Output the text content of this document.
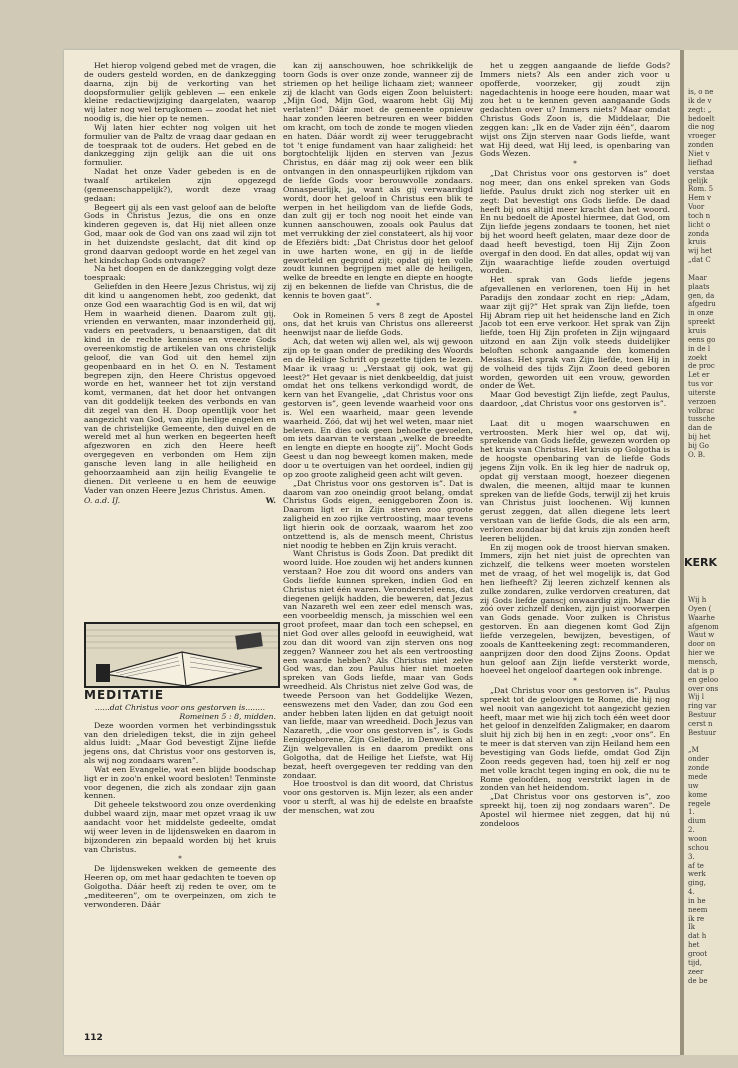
Het hierop volgend gebed met de vragen, die de ouders gesteld worden, en de dankzegging daarna, zijn bij de verkorting van het doopsformulier gelijk gebleven — een enkele kleine redactiewijziging daargelaten, waarop wij later nog wel terugkomen — zoodat het niet noodig is, die hier op te nemen.

Wij laten hier echter nog volgen uit het formulier van de Paltz de vraag daar gedaan en de toespraak tot de ouders. Het gebed en de dankzegging zijn gelijk aan die uit ons formulier.

Nadat het onze Vader gebeden is en de twaalf artikelen zijn opgezegd (gemeenschappelijk?), wordt deze vraag gedaan:

Begeert gij als een vast geloof aan de belofte Gods in Christus Jezus, die ons en onze kinderen gegeven is, dat Hij niet alleen onze God, maar ook de God van ons zaad wil zijn tot in het duizendste geslacht, dat dit kind op grond daarvan gedoopt worde en het zegel van het kindschap Gods ontvange?

Na het doopen en de dankzegging volgt deze toespraak:

Geliefden in den Heere Jezus Christus, wij zij dit kind u aangenomen hebt, zoo gedenkt, dat onze God een waarachtig God is en wil, dat wij Hem in waarheid dienen. Daarom zult gij, vrienden en verwanten, maar inzonderheid gij, vaders en peetvaders, u benaarstigen, dat dit kind in de rechte kennisse en vreeze Gods overeenkomstig de artikelen van ons christelijk geloof, die van God uit den hemel zijn geopenbaard en in het O. en N. Testament begrepen zijn, den Heere Christus opgevoed worde en het, wanneer het tot zijn verstand komt, vermanen, dat het door het ontvangen van dit goddelijk teeken des verbonds en van dit zegel van den H. Doop opentlijk voor het aangezicht van God, van zijn heilige engelen en van de christelijke Gemeente, den duivel en de wereld met al hun werken en begeerten heeft afgezworen en zich den Heere heeft overgegeven en verbonden om Hem zijn gansche leven lang in alle heiligheid en gehoorzaamheid aan zijn heilig Evangelie te dienen. Dit verleene u en hem de eeuwige Vader van onzen Heere Jezus Christus. Amen.

O. a.d. IJ.	W.
MEDITATIE

......dat Christus voor ons gestorven is........

Romeinen 5 : 8, midden.

Deze woorden vormen het verbindingsstuk van den drieledigen tekst, die in zijn geheel aldus luidt: „Maar God bevestigt Zijne liefde jegens ons, dat Christus voor ons gestorven is, als wij nog zondaars waren”.

Wat een Evangelie, wat een blijde boodschap ligt er in zoo'n enkel woord besloten! Tenminste voor degenen, die zich als zondaar zijn gaan kennen.

Dit geheele tekstwoord zou onze overdenking dubbel waard zijn, maar met opzet vraag ik uw aandacht voor het middelste gedeelte, omdat wij weer leven in de lijdensweken en daarom in bijzonderen zin bepaald worden bij het kruis van Christus.

*

De lijdensweken wekken de gemeente des Heeren op, om met haar gedachten te toeven op Golgotha. Dáár heeft zij reden te over, om te „mediteeren”, om te overpeinzen, om zich te verwonderen. Dáár

kan zij aanschouwen, hoe schrikkelijk de toorn Gods is over onze zonde, wanneer zij de striemen op het heilige lichaam ziet; wanneer zij de klacht van Gods eigen Zoon beluistert: „Mijn God, Mijn God, waarom hebt Gij Mij verlaten!” Dáár moet de gemeente opnieuw haar zonden leeren betreuren en weer bidden om kracht, om toch de zonde te mogen vlieden en haten. Dáár wordt zij weer teruggebracht tot 't enige fundament van haar zaligheid: het borgtochtelijk lijden en sterven van Jezus Christus, en dáár mag zij ook weer een blik ontvangen in den onnaspeurlijken rijkdom van de liefde Gods voor berouwvolle zondaars. Onnaspeurlijk, ja, want als gij verwaardigd wordt, door het geloof in Christus een blik te werpen in het heiligdom van de liefde Gods, dan zult gij er toch nog nooit het einde van kunnen aanschouwen, zooals ook Paulus dat met verrukking der ziel constateert, als hij voor de Efeziërs bidt: „Dat Christus door het geloof in uwe harten wone, en gij in de liefde geworteld en gegrond zijt; opdat gij ten volle zoudt kunnen begrijpen met alle de heiligen, welke de breedte en lengte en diepte en hoogte zij en bekennen de liefde van Christus, die de kennis te boven gaat”.

*

Ook in Romeinen 5 vers 8 zegt de Apostel ons, dat het kruis van Christus ons allereerst heenwijst naar de liefde Gods.

Ach, dat weten wij allen wel, als wij gewoon zijn op te gaan onder de prediking des Woords en de Heilige Schrift op gezette tijden te lezen. Maar ik vraag u: „Verstaat gij ook, wat gij leest?” Het gevaar is niet denkbeeldig, dat juist omdat het ons telkens verkondigd wordt, de kern van het Evangelie, „dat Christus voor ons gestorven is”, geen levende waarheid voor ons is. Wel een waarheid, maar geen levende waarheid. Zóó, dat wij het wel weten, maar niet beleven. En dies ook geen behoefte gevoelen, om iets daarvan te verstaan „welke de breedte en lengte en diepte en hoogte zij”. Mocht Gods Geest u dan nog beweegt komen maken, mede door u te overtuigen van het oordeel, indien gij op zoo groote zaligheid geen acht wilt geven.

„Dat Christus voor ons gestorven is”. Dat is daarom van zoo oneindig groot belang, omdat Christus Gods eigen, eeniggeboren Zoon is. Daarom ligt er in Zijn sterven zoo groote zaligheid en zoo rijke vertroosting, maar tevens ligt hierin ook de oorzaak, waarom het zoo ontzettend is, als de mensch meent, Christus niet noodig te hebben en Zijn kruis veracht.

Want Christus is Gods Zoon. Dat predikt dit woord luide. Hoe zouden wij het anders kunnen verstaan? Hoe zou dit woord ons anders van Gods liefde kunnen spreken, indien God en Christus niet één waren. Veronderstel eens, dat diegenen gelijk hadden, die beweren, dat Jezus van Nazareth wel een zeer edel mensch was, een voorbeeldig mensch, ja misschien wel een groot profeet, maar dan toch een schepsel, en niet God over alles geloofd in eeuwigheid, wat zou dan dit woord van zijn sterven ons nog zeggen? Wanneer zou het als een vertroosting een waarde hebben? Als Christus niet zelve God was, dan zou Paulus hier niet moeten spreken van Gods liefde, maar van Gods wreedheid. Als Christus niet zelve God was, de tweede Persoon van het Goddelijke Wezen, eenswezens met den Vader, dan zou God een ander hebben laten lijden en dat getuigt nooit van liefde, maar van wreedheid. Doch Jezus van Nazareth, „die voor ons gestorven is”, is Gods Eeniggeborene, Zijn Geliefde, in Denwelken al Zijn welgevallen is en daarom predikt ons Golgotha, dat de Heilige het Liefste, wat Hij bezat, heeft overgegeven ter redding van den zondaar.

Hoe troostvol is dan dit woord, dat Christus voor ons gestorven is. Mijn lezer, als een ander voor u sterft, al was hij de edelste en braafste der menschen, wat zou

het u zeggen aangaande de liefde Gods? Immers niets? Als een ander zich voor u opofferde, voorzeker, gij zoudt zijn nagedachtenis in hooge eere houden, maar wat zou het u te kennen geven aangaande Gods gedachten over u? Immers niets? Maar omdat Christus Gods Zoon is, die Middelaar, Die zeggen kan: „Ik en de Vader zijn één”, daarom wijst ons Zijn sterven naar Gods liefde, want wat Hij deed, wat Hij leed, is openbaring van Gods Wezen.

*

„Dat Christus voor ons gestorven is” doet nog meer, dan ons enkel spreken van Gods liefde. Paulus drukt zich nog sterker uit en zegt: Dat bevestigt ons Gods liefde. De daad heeft bij ons altijd meer kracht dan het woord. En nu bedoelt de Apostel hiermee, dat God, om Zijn liefde jegens zondaars te toonen, het niet bij het woord heeft gelaten, maar deze door de daad heeft bevestigd, toen Hij Zijn Zoon overgaf in den dood. En dat alles, opdat wij van Zijn waarachtige liefde zouden overtuigd worden.

Het sprak van Gods liefde jegens afgevallenen en verlorenen, toen Hij in het Paradijs den zondaar zocht en riep: „Adam, waar zijt gij?” Het sprak van Zijn liefde, toen Hij Abram riep uit het heidensche land en Zich Jacob tot een erve verkoor. Het sprak van Zijn liefde, toen Hij Zijn profeten in Zijn wijngaard uitzond en aan Zijn volk steeds duidelijker beloften schonk aangaande den komenden Messias. Het sprak van Zijn liefde, toen Hij in de volheid des tijds Zijn Zoon deed geboren worden, geworden uit een vrouw, geworden onder de Wet.

Maar God bevestigt Zijn liefde, zegt Paulus, daardoor, „dat Christus voor ons gestorven is”.

*

Laat dit u mogen waarschuwen en vertroosten. Merk hier wel op, dat wij, sprekende van Gods liefde, gewezen worden op het kruis van Christus. Het kruis op Golgotha is de hoogste openbaring van de liefde Gods jegens Zijn volk. En ik leg hier de nadruk op, opdat gij verstaan moogt, hoezeer diegenen dwalen, die meenen, altijd maar te kunnen spreken van de liefde Gods, terwijl zij het kruis van Christus juist loochenen. Wij kunnen gerust zeggen, dat allen diegene lets leert verstaan van de liefde Gods, die als een arm, verloren zondaar bij dat kruis zijn zonden heeft leeren belijden.

En zij mogen ook de troost hiervan smaken. Immers, zijn het niet juist de oprechten van zichzelf, die telkens weer moeten worstelen met de vraag, of het wel mogelijk is, dat God hen liefheeft? Zij leeren zichzelf kennen als zulke zondaren, zulke verdorven creaturen, dat zij Gods liefde ganscj onwaardig zijn. Maar die zóó over zichzelf denken, zijn juist voorwerpen van Gods genade. Voor zulken is Christus gestorven. En aan diegenen komt God Zijn liefde verzegelen, bewijzen, bevestigen, of zooals de Kantteekening zegt: recommanderen, aanprijzen door den dood Zijns Zoons. Opdat hun geloof aan Zijn liefde versterkt worde, hoeveel het ongeloof daartegen ook inbrenge.

*

„Dat Christus voor ons gestorven is”. Paulus spreekt tot de geloovigen te Rome, die hij nog wel nooit van aangezicht tot aangezicht gezien heeft, maar met wie hij zich toch één weet door het geloof in denzelfden Zaligmaker, en daarom sluit hij zich bij hen in en zegt: „voor ons”. En te meer is dat sterven van zijn Heiland hem een bevestiging van Gods liefde, omdat God Zijn Zoon reeds gegeven had, toen hij zelf er nog met volle kracht tegen inging en ook, die nu te Rome geloofden, nog verstrikt lagen in de zonden van het heidendom.

„Dat Christus voor ons gestorven is”, zoo spreekt hij, toen zij nog zondaars waren”. De Apostel wil hiermee niet zeggen, dat hij nú zondeloos

112
is, o ne
ik de v
zegt: „
bedoelt
die nog
vroeger
zonden
Niet v
liefhad
verstaa
gelijk
Rom. 5
Hem v
Voor
toch n
licht o
zonda
kruis
wij het
„dat C
Maar
plaats
gen, da
afgedru
in onze
spreekt
kruis
eens go
in de l
zoekt
de proc
Let er
tus vor
uiterste
verzoen
volbrac
tussche
dan de
bij het
bij Go
O. B.
KERK
Wij h
Oyen (
Waarhe
afgenom
Waut w
door on
hier we
mensch,
dat is p
en geloo
over ons
Wij l
ring var
Bestuur
cerst n
Bestuur
„M
onder
zonde
mede
uw
kome
regele
1.
dium
2.
woon
schou
3.
af te
werk
ging,
4.
in he
neem
ik re
Ik
dat h
het
groot
tijd,
zeer
de be
